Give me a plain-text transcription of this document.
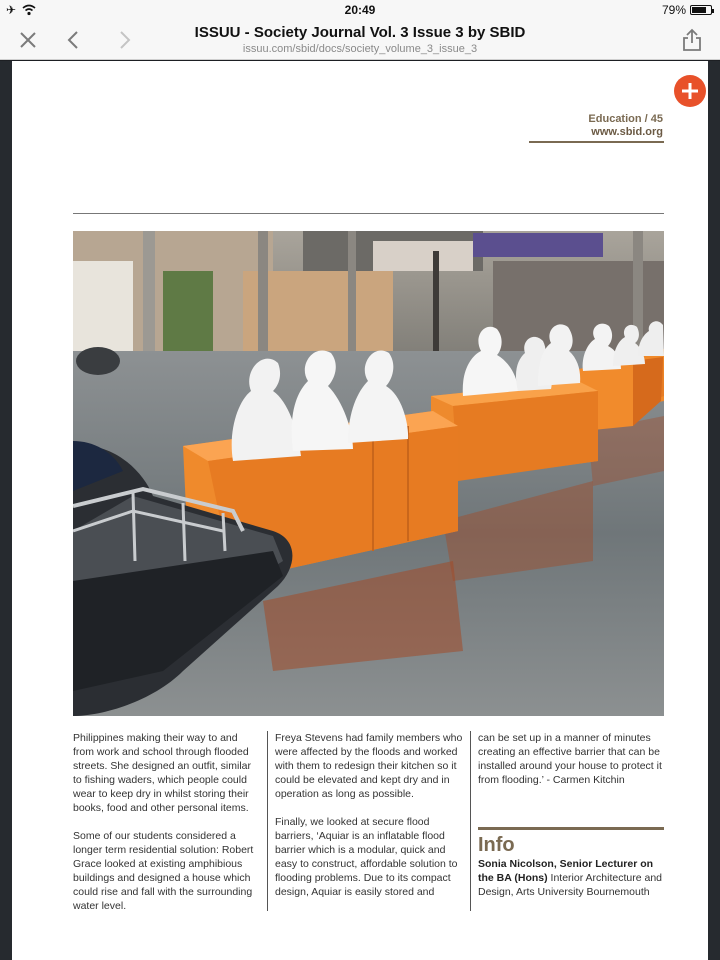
✈	20:49	79%
ISSUU - Society Journal Vol. 3 Issue 3 by SBID
issuu.com/sbid/docs/society_volume_3_issue_3
Education / 45
www.sbid.org

Philippines making their way to and from work and school through flooded streets. She designed an outfit, similar to fishing waders, which people could wear to keep dry in whilst storing their books, food and other personal items.

Some of our students considered a longer term residential solution: Robert Grace looked at existing amphibious buildings and designed a house which could rise and fall with the surrounding water level.

Freya Stevens had family members who were affected by the floods and worked with them to redesign their kitchen so it could be elevated and kept dry and in operation as long as possible.

Finally, we looked at secure flood barriers, ‘Aquiar is an inflatable flood barrier which is a modular, quick and easy to construct, affordable solution to flooding problems. Due to its compact design, Aquiar is easily stored and

can be set up in a manner of minutes creating an effective barrier that can be installed around your house to protect it from flooding.’ - Carmen Kitchin

Info
Sonia Nicolson, Senior Lecturer on the BA (Hons) Interior Architecture and Design, Arts University Bournemouth
